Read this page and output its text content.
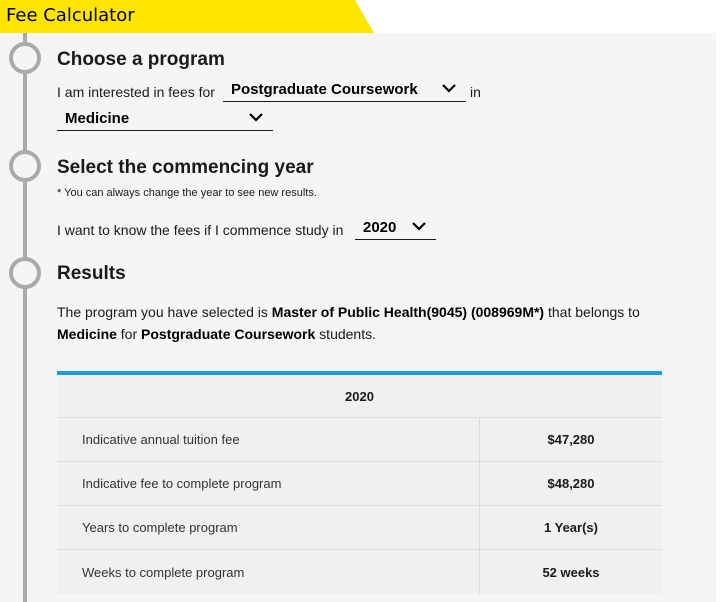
Fee Calculator
Choose a program
I am interested in fees for Postgraduate Coursework	in
Medicine
Select the commencing year
* You can always change the year to see new results.
I want to know the fees if I commence study in 2020
Results
The program you have selected is Master of Public Health(9045) (008969M*) that belongs to Medicine for Postgraduate Coursework students.
2020
Indicative annual tuition fee	$47,280
Indicative fee to complete program	$48,280
Years to complete program	1 Year(s)
Weeks to complete program	52 weeks
